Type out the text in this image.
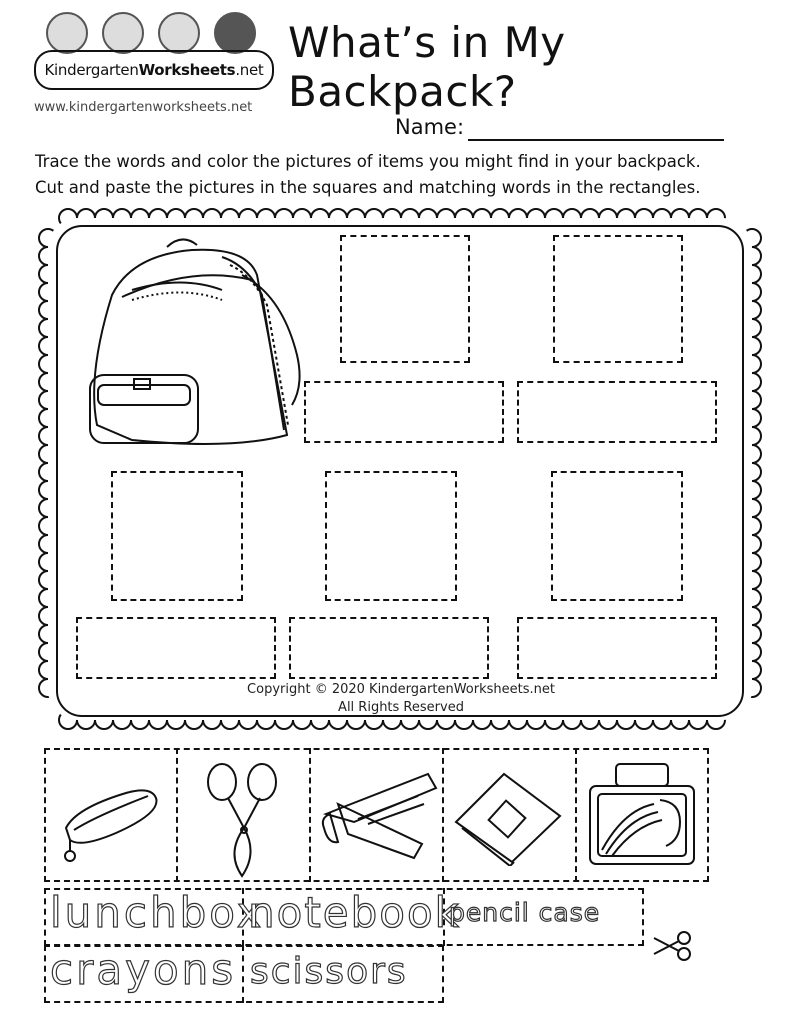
Kindergarten Worksheets .net
www.kindergartenworksheets.net
What’s in My Backpack?
Name:
Trace the words and color the pictures of items you might find in your backpack.
Cut and paste the pictures in the squares and matching words in the rectangles.
Copyright © 2020 KindergartenWorksheets.net
All Rights Reserved
lunchbox
notebook
pencil case
crayons scissors
